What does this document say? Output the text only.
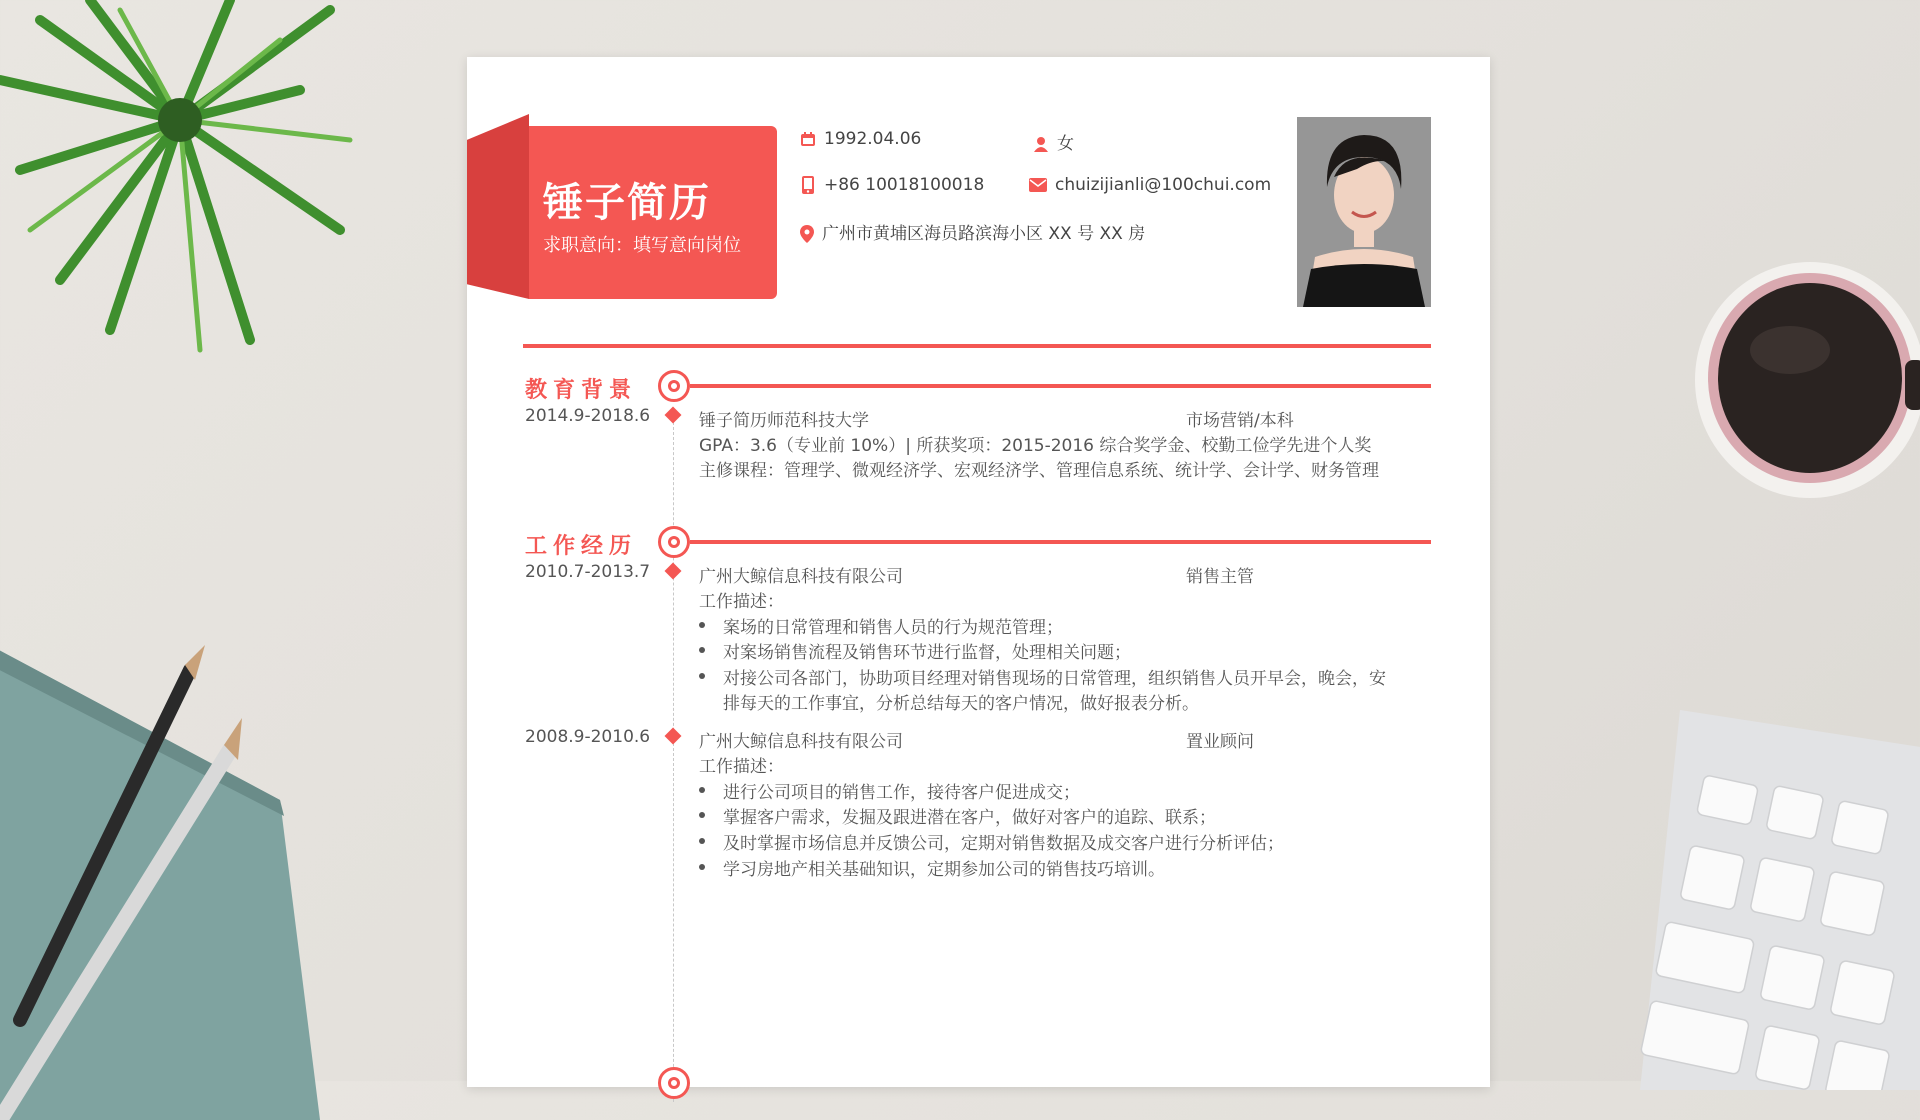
锤子简历
求职意向：填写意向岗位
1992.04.06	女
+86 10018100018	chuizijianli@100chui.com
广州市黄埔区海员路滨海小区 XX 号 XX 房
教育背景
2014.9-2018.6	锤子简历师范科技大学	市场营销/本科
GPA：3.6（专业前 10%）| 所获奖项：2015-2016 综合奖学金、校勤工俭学先进个人奖
主修课程：管理学、微观经济学、宏观经济学、管理信息系统、统计学、会计学、财务管理
工作经历
2010.7-2013.7	广州大鲸信息科技有限公司	销售主管
工作描述：
案场的日常管理和销售人员的行为规范管理；
对案场销售流程及销售环节进行监督，处理相关问题；
对接公司各部门，协助项目经理对销售现场的日常管理，组织销售人员开早会，晚会，安
排每天的工作事宜，分析总结每天的客户情况，做好报表分析。
2008.9-2010.6	广州大鲸信息科技有限公司	置业顾问
工作描述：
进行公司项目的销售工作，接待客户促进成交；
掌握客户需求，发掘及跟进潜在客户，做好对客户的追踪、联系；
及时掌握市场信息并反馈公司，定期对销售数据及成交客户进行分析评估；
学习房地产相关基础知识，定期参加公司的销售技巧培训。
